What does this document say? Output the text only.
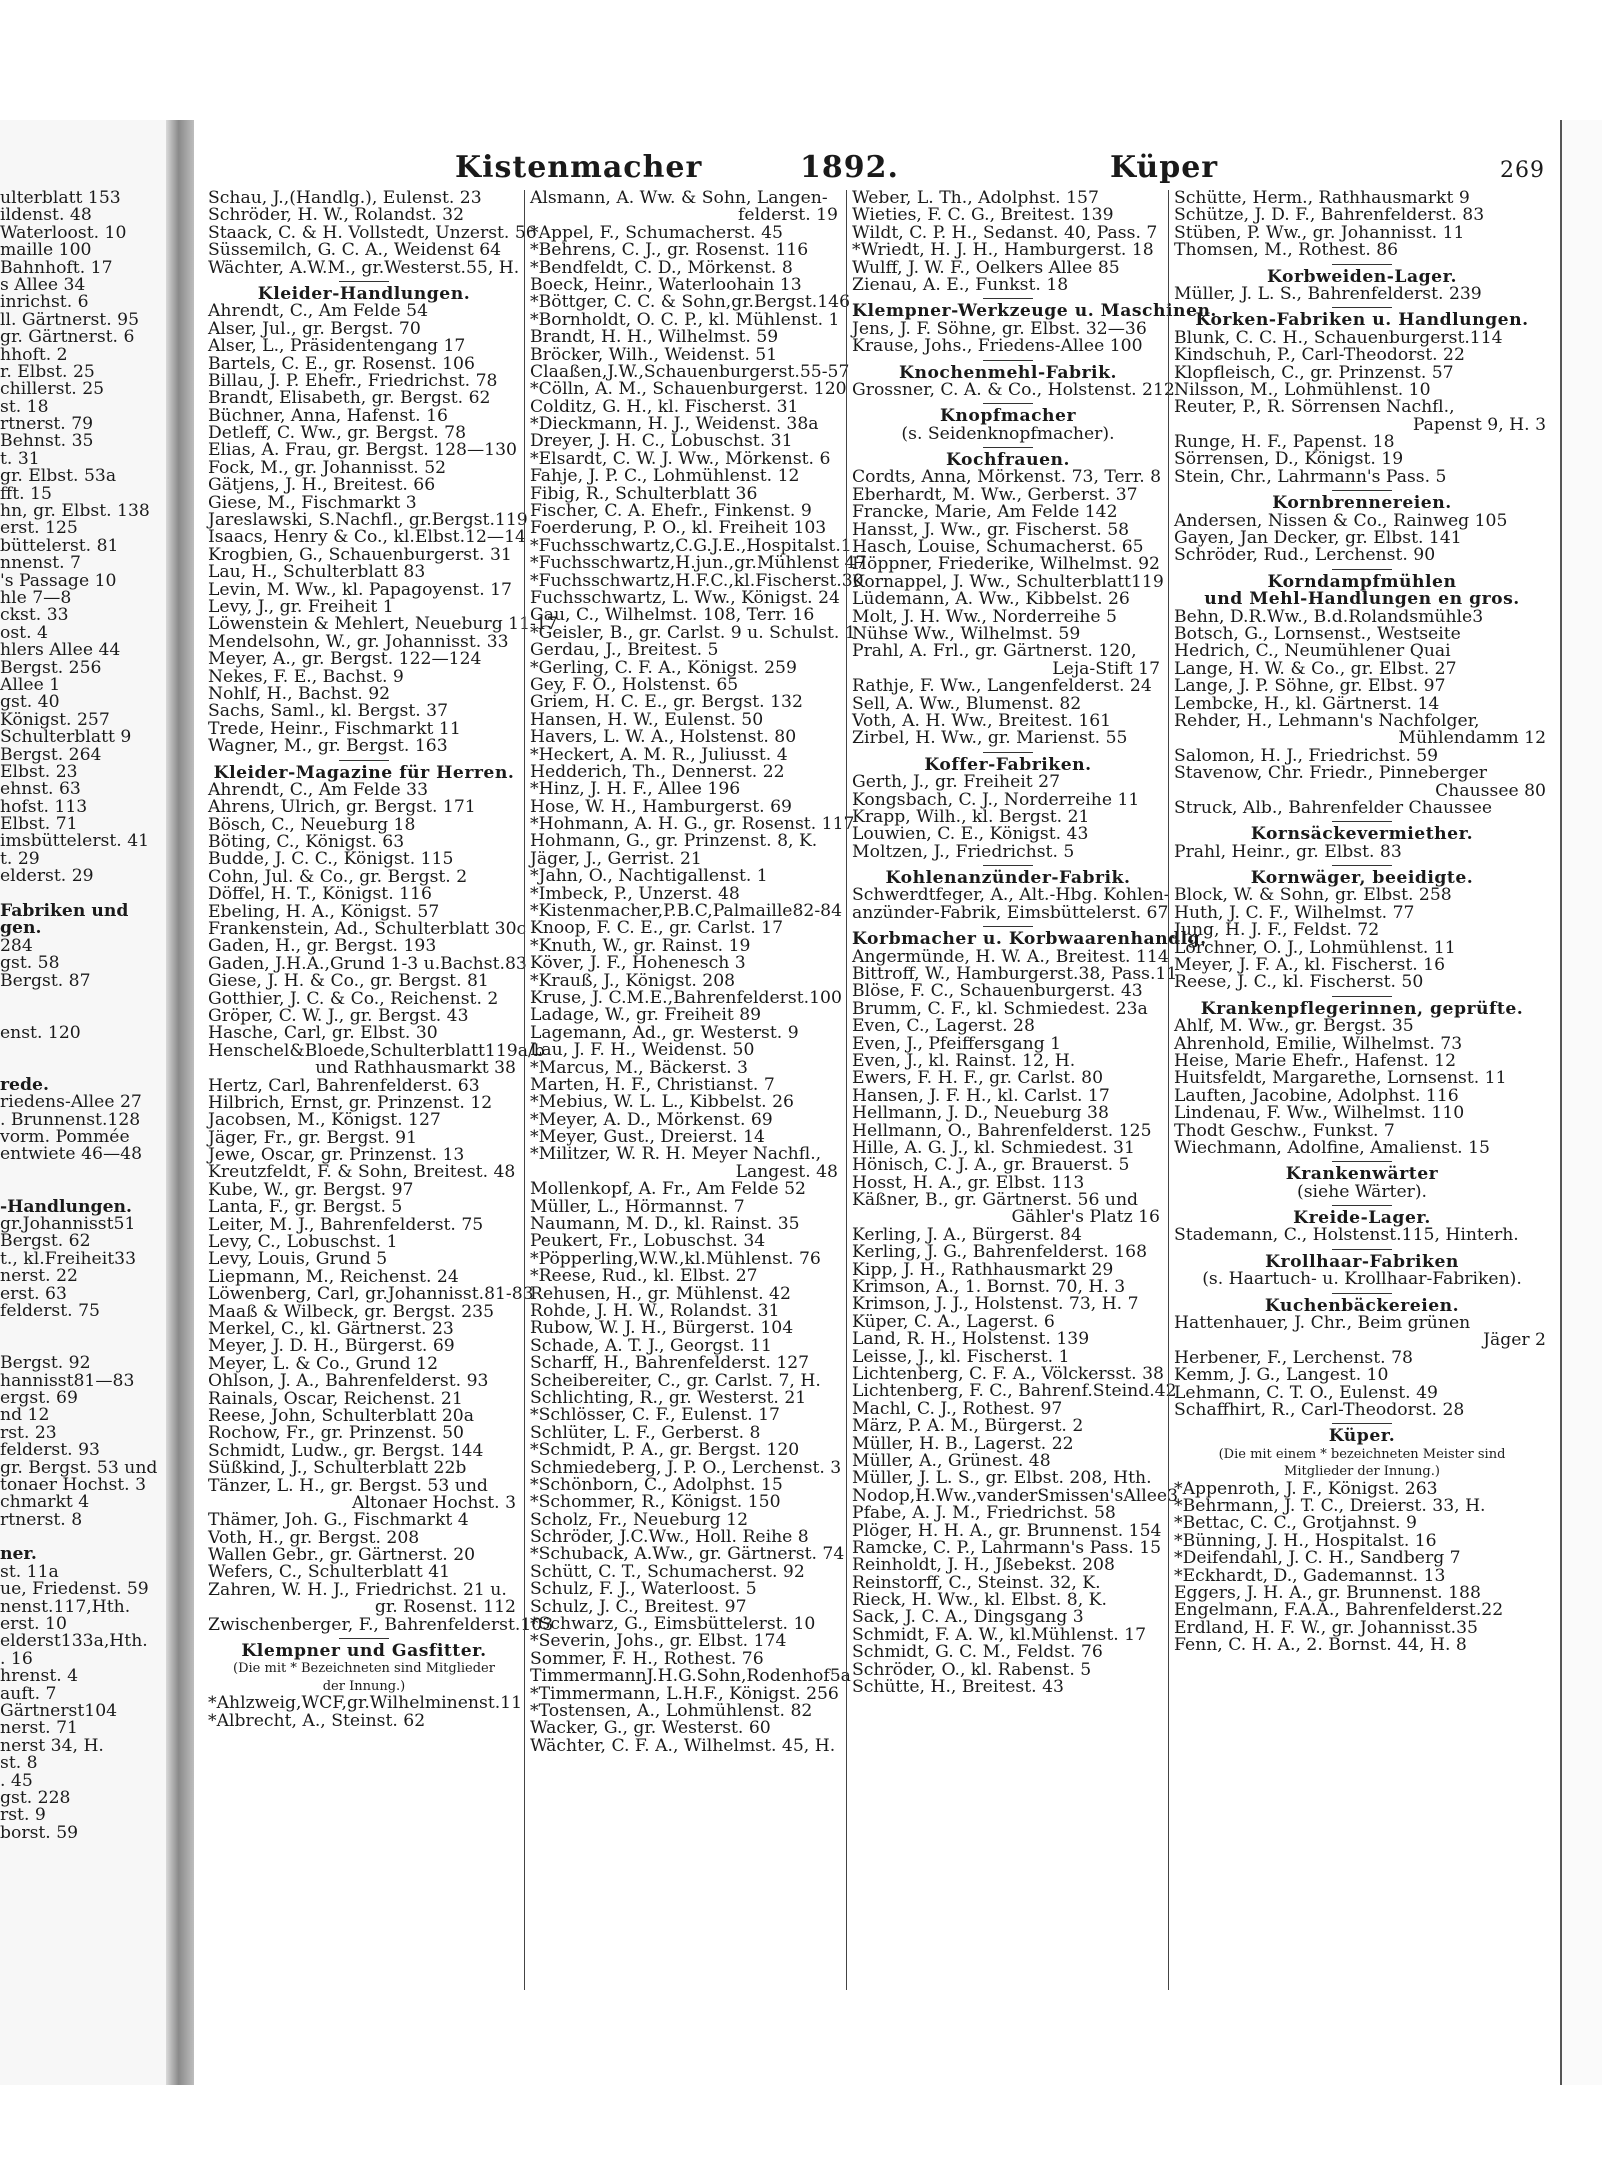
ulterblatt 153
ildenst. 48
Waterloost. 10
maille 100
Bahnhoft. 17
s Allee 34
inrichst. 6
ll. Gärtnerst. 95
gr. Gärtnerst. 6
hhoft. 2
r. Elbst. 25
chillerst. 25
st. 18
rtnerst. 79
Behnst. 35
t. 31
gr. Elbst. 53a
fft. 15
hn, gr. Elbst. 138
erst. 125
büttelerst. 81
nnenst. 7
's Passage 10
hle 7—8
ckst. 33
ost. 4
hlers Allee 44
Bergst. 256
Allee 1
gst. 40
Königst. 257
Schulterblatt 9
Bergst. 264
Elbst. 23
ehnst. 63
hofst. 113
Elbst. 71
imsbüttelerst. 41
t. 29
elderst. 29
Fabriken und
gen.
284
gst. 58
Bergst. 87
enst. 120
rede.
riedens-Allee 27
. Brunnenst.128
vorm. Pommée
entwiete 46—48
-Handlungen.
gr.Johannisst51
Bergst. 62
t., kl.Freiheit33
nerst. 22
erst. 63
felderst. 75
Bergst. 92
hannisst81—83
ergst. 69
nd 12
rst. 23
felderst. 93
gr. Bergst. 53 und
tonaer Hochst. 3
chmarkt 4
rtnerst. 8
ner.
st. 11a
ue, Friedenst. 59
nenst.117,Hth.
erst. 10
elderst133a,Hth.
. 16
hrenst. 4
auft. 7
Gärtnerst104
nerst. 71
nerst 34, H.
st. 8
. 45
gst. 228
rst. 9
borst. 59
Kistenmacher	1892.	Küper	269
Schau, J.,(Handlg.), Eulenst. 23
Schröder, H. W., Rolandst. 32
Staack, C. & H. Vollstedt, Unzerst. 56
Süssemilch, G. C. A., Weidenst 64
Wächter, A.W.M., gr.Westerst.55, H.
Kleider-Handlungen.
Ahrendt, C., Am Felde 54
Alser, Jul., gr. Bergst. 70
Alser, L., Präsidentengang 17
Bartels, C. E., gr. Rosenst. 106
Billau, J. P. Ehefr., Friedrichst. 78
Brandt, Elisabeth, gr. Bergst. 62
Büchner, Anna, Hafenst. 16
Detleff, C. Ww., gr. Bergst. 78
Elias, A. Frau, gr. Bergst. 128—130
Fock, M., gr. Johannisst. 52
Gätjens, J. H., Breitest. 66
Giese, M., Fischmarkt 3
Jareslawski, S.Nachfl., gr.Bergst.119
Isaacs, Henry & Co., kl.Elbst.12—14
Krogbien, G., Schauenburgerst. 31
Lau, H., Schulterblatt 83
Levin, M. Ww., kl. Papagoyenst. 17
Levy, J., gr. Freiheit 1
Löwenstein & Mehlert, Neueburg 11-17
Mendelsohn, W., gr. Johannisst. 33
Meyer, A., gr. Bergst. 122—124
Nekes, F. E., Bachst. 9
Nohlf, H., Bachst. 92
Sachs, Saml., kl. Bergst. 37
Trede, Heinr., Fischmarkt 11
Wagner, M., gr. Bergst. 163
Kleider-Magazine für Herren.
Ahrendt, C., Am Felde 33
Ahrens, Ulrich, gr. Bergst. 171
Bösch, C., Neueburg 18
Böting, C., Königst. 63
Budde, J. C. C., Königst. 115
Cohn, Jul. & Co., gr. Bergst. 2
Döffel, H. T., Königst. 116
Ebeling, H. A., Königst. 57
Frankenstein, Ad., Schulterblatt 30c
Gaden, H., gr. Bergst. 193
Gaden, J.H.A.,Grund 1-3 u.Bachst.83
Giese, J. H. & Co., gr. Bergst. 81
Gotthier, J. C. & Co., Reichenst. 2
Gröper, C. W. J., gr. Bergst. 43
Hasche, Carl, gr. Elbst. 30
Henschel&Bloede,Schulterblatt119a/b
und Rathhausmarkt 38
Hertz, Carl, Bahrenfelderst. 63
Hilbrich, Ernst, gr. Prinzenst. 12
Jacobsen, M., Königst. 127
Jäger, Fr., gr. Bergst. 91
Jewe, Oscar, gr. Prinzenst. 13
Kreutzfeldt, F. & Sohn, Breitest. 48
Kube, W., gr. Bergst. 97
Lanta, F., gr. Bergst. 5
Leiter, M. J., Bahrenfelderst. 75
Levy, C., Lobuschst. 1
Levy, Louis, Grund 5
Liepmann, M., Reichenst. 24
Löwenberg, Carl, gr.Johannisst.81-83
Maaß & Wilbeck, gr. Bergst. 235
Merkel, C., kl. Gärtnerst. 23
Meyer, J. D. H., Bürgerst. 69
Meyer, L. & Co., Grund 12
Ohlson, J. A., Bahrenfelderst. 93
Rainals, Oscar, Reichenst. 21
Reese, John, Schulterblatt 20a
Rochow, Fr., gr. Prinzenst. 50
Schmidt, Ludw., gr. Bergst. 144
Süßkind, J., Schulterblatt 22b
Tänzer, L. H., gr. Bergst. 53 und
Altonaer Hochst. 3
Thämer, Joh. G., Fischmarkt 4
Voth, H., gr. Bergst. 208
Wallen Gebr., gr. Gärtnerst. 20
Wefers, C., Schulterblatt 41
Zahren, W. H. J., Friedrichst. 21 u.
gr. Rosenst. 112
Zwischenberger, F., Bahrenfelderst.103
Klempner und Gasfitter.
(Die mit * Bezeichneten sind Mitglieder
der Innung.)
*Ahlzweig,WCF,gr.Wilhelminenst.11
*Albrecht, A., Steinst. 62
Alsmann, A. Ww. & Sohn, Langen-
felderst. 19
*Appel, F., Schumacherst. 45
*Behrens, C. J., gr. Rosenst. 116
*Bendfeldt, C. D., Mörkenst. 8
Boeck, Heinr., Waterloohain 13
*Böttger, C. C. & Sohn,gr.Bergst.146
*Bornholdt, O. C. P., kl. Mühlenst. 1
Brandt, H. H., Wilhelmst. 59
Bröcker, Wilh., Weidenst. 51
Claaßen,J.W.,Schauenburgerst.55-57
*Cölln, A. M., Schauenburgerst. 120
Colditz, G. H., kl. Fischerst. 31
*Dieckmann, H. J., Weidenst. 38a
Dreyer, J. H. C., Lobuschst. 31
*Elsardt, C. W. J. Ww., Mörkenst. 6
Fahje, J. P. C., Lohmühlenst. 12
Fibig, R., Schulterblatt 36
Fischer, C. A. Ehefr., Finkenst. 9
Foerderung, P. O., kl. Freiheit 103
*Fuchsschwartz,C.G.J.E.,Hospitalst.1
*Fuchsschwartz,H.jun.,gr.Mühlenst 47
*Fuchsschwartz,H.F.C.,kl.Fischerst.30
Fuchsschwartz, L. Ww., Königst. 24
Gau, C., Wilhelmst. 108, Terr. 16
*Geisler, B., gr. Carlst. 9 u. Schulst. 1
Gerdau, J., Breitest. 5
*Gerling, C. F. A., Königst. 259
Gey, F. O., Holstenst. 65
Griem, H. C. E., gr. Bergst. 132
Hansen, H. W., Eulenst. 50
Havers, L. W. A., Holstenst. 80
*Heckert, A. M. R., Juliusst. 4
Hedderich, Th., Dennerst. 22
*Hinz, J. H. F., Allee 196
Hose, W. H., Hamburgerst. 69
*Hohmann, A. H. G., gr. Rosenst. 117
Hohmann, G., gr. Prinzenst. 8, K.
Jäger, J., Gerrist. 21
*Jahn, O., Nachtigallenst. 1
*Imbeck, P., Unzerst. 48
*Kistenmacher,P.B.C,Palmaille82-84
Knoop, F. C. E., gr. Carlst. 17
*Knuth, W., gr. Rainst. 19
Köver, J. F., Hohenesch 3
*Krauß, J., Königst. 208
Kruse, J. C.M.E.,Bahrenfelderst.100
Ladage, W., gr. Freiheit 89
Lagemann, Ad., gr. Westerst. 9
Lau, J. F. H., Weidenst. 50
*Marcus, M., Bäckerst. 3
Marten, H. F., Christianst. 7
*Mebius, W. L. L., Kibbelst. 26
*Meyer, A. D., Mörkenst. 69
*Meyer, Gust., Dreierst. 14
*Militzer, W. R. H. Meyer Nachfl.,
Langest. 48
Mollenkopf, A. Fr., Am Felde 52
Müller, L., Hörmannst. 7
Naumann, M. D., kl. Rainst. 35
Peukert, Fr., Lobuschst. 34
*Pöpperling,W.W.,kl.Mühlenst. 76
*Reese, Rud., kl. Elbst. 27
Rehusen, H., gr. Mühlenst. 42
Rohde, J. H. W., Rolandst. 31
Rubow, W. J. H., Bürgerst. 104
Schade, A. T. J., Georgst. 11
Scharff, H., Bahrenfelderst. 127
Scheibereiter, C., gr. Carlst. 7, H.
Schlichting, R., gr. Westerst. 21
*Schlösser, C. F., Eulenst. 17
Schlüter, L. F., Gerberst. 8
*Schmidt, P. A., gr. Bergst. 120
Schmiedeberg, J. P. O., Lerchenst. 3
*Schönborn, C., Adolphst. 15
*Schommer, R., Königst. 150
Scholz, Fr., Neueburg 12
Schröder, J.C.Ww., Holl. Reihe 8
*Schuback, A.Ww., gr. Gärtnerst. 74
Schütt, C. T., Schumacherst. 92
Schulz, F. J., Waterloost. 5
Schulz, J. C., Breitest. 97
*Schwarz, G., Eimsbüttelerst. 10
*Severin, Johs., gr. Elbst. 174
Sommer, F. H., Rothest. 76
TimmermannJ.H.G.Sohn,Rodenhof5a
*Timmermann, L.H.F., Königst. 256
*Tostensen, A., Lohmühlenst. 82
Wacker, G., gr. Westerst. 60
Wächter, C. F. A., Wilhelmst. 45, H.
Weber, L. Th., Adolphst. 157
Wieties, F. C. G., Breitest. 139
Wildt, C. P. H., Sedanst. 40, Pass. 7
*Wriedt, H. J. H., Hamburgerst. 18
Wulff, J. W. F., Oelkers Allee 85
Zienau, A. E., Funkst. 18
Klempner-Werkzeuge u. Maschinen.
Jens, J. F. Söhne, gr. Elbst. 32—36
Krause, Johs., Friedens-Allee 100
Knochenmehl-Fabrik.
Grossner, C. A. & Co., Holstenst. 212
Knopfmacher
(s. Seidenknopfmacher).
Kochfrauen.
Cordts, Anna, Mörkenst. 73, Terr. 8
Eberhardt, M. Ww., Gerberst. 37
Francke, Marie, Am Felde 142
Hansst, J. Ww., gr. Fischerst. 58
Hasch, Louise, Schumacherst. 65
Höppner, Friederike, Wilhelmst. 92
Kornappel, J. Ww., Schulterblatt119
Lüdemann, A. Ww., Kibbelst. 26
Molt, J. H. Ww., Norderreihe 5
Nühse Ww., Wilhelmst. 59
Prahl, A. Frl., gr. Gärtnerst. 120,
Leja-Stift 17
Rathje, F. Ww., Langenfelderst. 24
Sell, A. Ww., Blumenst. 82
Voth, A. H. Ww., Breitest. 161
Zirbel, H. Ww., gr. Marienst. 55
Koffer-Fabriken.
Gerth, J., gr. Freiheit 27
Kongsbach, C. J., Norderreihe 11
Krapp, Wilh., kl. Bergst. 21
Louwien, C. E., Königst. 43
Moltzen, J., Friedrichst. 5
Kohlenanzünder-Fabrik.
Schwerdtfeger, A., Alt.-Hbg. Kohlen-
anzünder-Fabrik, Eimsbüttelerst. 67
Korbmacher u. Korbwaarenhandlg.
Angermünde, H. W. A., Breitest. 114
Bittroff, W., Hamburgerst.38, Pass.11
Blöse, F. C., Schauenburgerst. 43
Brumm, C. F., kl. Schmiedest. 23a
Even, C., Lagerst. 28
Even, J., Pfeiffersgang 1
Even, J., kl. Rainst. 12, H.
Ewers, F. H. F., gr. Carlst. 80
Hansen, J. F. H., kl. Carlst. 17
Hellmann, J. D., Neueburg 38
Hellmann, O., Bahrenfelderst. 125
Hille, A. G. J., kl. Schmiedest. 31
Hönisch, C. J. A., gr. Brauerst. 5
Hosst, H. A., gr. Elbst. 113
Käßner, B., gr. Gärtnerst. 56 und
Gähler's Platz 16
Kerling, J. A., Bürgerst. 84
Kerling, J. G., Bahrenfelderst. 168
Kipp, J. H., Rathhausmarkt 29
Krimson, A., 1. Bornst. 70, H. 3
Krimson, J. J., Holstenst. 73, H. 7
Küper, C. A., Lagerst. 6
Land, R. H., Holstenst. 139
Leisse, J., kl. Fischerst. 1
Lichtenberg, C. F. A., Völckersst. 38
Lichtenberg, F. C., Bahrenf.Steind.42
Machl, C. J., Rothest. 97
März, P. A. M., Bürgerst. 2
Müller, H. B., Lagerst. 22
Müller, A., Grünest. 48
Müller, J. L. S., gr. Elbst. 208, Hth.
Nodop,H.Ww.,vanderSmissen'sAllee3
Pfabe, A. J. M., Friedrichst. 58
Plöger, H. H. A., gr. Brunnenst. 154
Ramcke, C. P., Lahrmann's Pass. 15
Reinholdt, J. H., Jßebekst. 208
Reinstorff, C., Steinst. 32, K.
Rieck, H. Ww., kl. Elbst. 8, K.
Sack, J. C. A., Dingsgang 3
Schmidt, F. A. W., kl.Mühlenst. 17
Schmidt, G. C. M., Feldst. 76
Schröder, O., kl. Rabenst. 5
Schütte, H., Breitest. 43
Schütte, Herm., Rathhausmarkt 9
Schütze, J. D. F., Bahrenfelderst. 83
Stüben, P. Ww., gr. Johannisst. 11
Thomsen, M., Rothest. 86
Korbweiden-Lager.
Müller, J. L. S., Bahrenfelderst. 239
Korken-Fabriken u. Handlungen.
Blunk, C. C. H., Schauenburgerst.114
Kindschuh, P., Carl-Theodorst. 22
Klopfleisch, C., gr. Prinzenst. 57
Nilsson, M., Lohmühlenst. 10
Reuter, P., R. Sörrensen Nachfl.,
Papenst 9, H. 3
Runge, H. F., Papenst. 18
Sörrensen, D., Königst. 19
Stein, Chr., Lahrmann's Pass. 5
Kornbrennereien.
Andersen, Nissen & Co., Rainweg 105
Gayen, Jan Decker, gr. Elbst. 141
Schröder, Rud., Lerchenst. 90
Korndampfmühlen
und Mehl-Handlungen en gros.
Behn, D.R.Ww., B.d.Rolandsmühle3
Botsch, G., Lornsenst., Westseite
Hedrich, C., Neumühlener Quai
Lange, H. W. & Co., gr. Elbst. 27
Lange, J. P. Söhne, gr. Elbst. 97
Lembcke, H., kl. Gärtnerst. 14
Rehder, H., Lehmann's Nachfolger,
Mühlendamm 12
Salomon, H. J., Friedrichst. 59
Stavenow, Chr. Friedr., Pinneberger
Chaussee 80
Struck, Alb., Bahrenfelder Chaussee
Kornsäckevermiether.
Prahl, Heinr., gr. Elbst. 83
Kornwäger, beeidigte.
Block, W. & Sohn, gr. Elbst. 258
Huth, J. C. F., Wilhelmst. 77
Jung, H. J. F., Feldst. 72
Lörchner, O. J., Lohmühlenst. 11
Meyer, J. F. A., kl. Fischerst. 16
Reese, J. C., kl. Fischerst. 50
Krankenpflegerinnen, geprüfte.
Ahlf, M. Ww., gr. Bergst. 35
Ahrenhold, Emilie, Wilhelmst. 73
Heise, Marie Ehefr., Hafenst. 12
Huitsfeldt, Margarethe, Lornsenst. 11
Lauften, Jacobine, Adolphst. 116
Lindenau, F. Ww., Wilhelmst. 110
Thodt Geschw., Funkst. 7
Wiechmann, Adolfine, Amalienst. 15
Krankenwärter
(siehe Wärter).
Kreide-Lager.
Stademann, C., Holstenst.115, Hinterh.
Krollhaar-Fabriken
(s. Haartuch- u. Krollhaar-Fabriken).
Kuchenbäckereien.
Hattenhauer, J. Chr., Beim grünen
Jäger 2
Herbener, F., Lerchenst. 78
Kemm, J. G., Langest. 10
Lehmann, C. T. O., Eulenst. 49
Schaffhirt, R., Carl-Theodorst. 28
Küper.
(Die mit einem * bezeichneten Meister sind
Mitglieder der Innung.)
*Appenroth, J. F., Königst. 263
*Behrmann, J. T. C., Dreierst. 33, H.
*Bettac, C. C., Grotjahnst. 9
*Bünning, J. H., Hospitalst. 16
*Deifendahl, J. C. H., Sandberg 7
*Eckhardt, D., Gademannst. 13
Eggers, J. H. A., gr. Brunnenst. 188
Engelmann, F.A.A., Bahrenfelderst.22
Erdland, H. F. W., gr. Johannisst.35
Fenn, C. H. A., 2. Bornst. 44, H. 8
